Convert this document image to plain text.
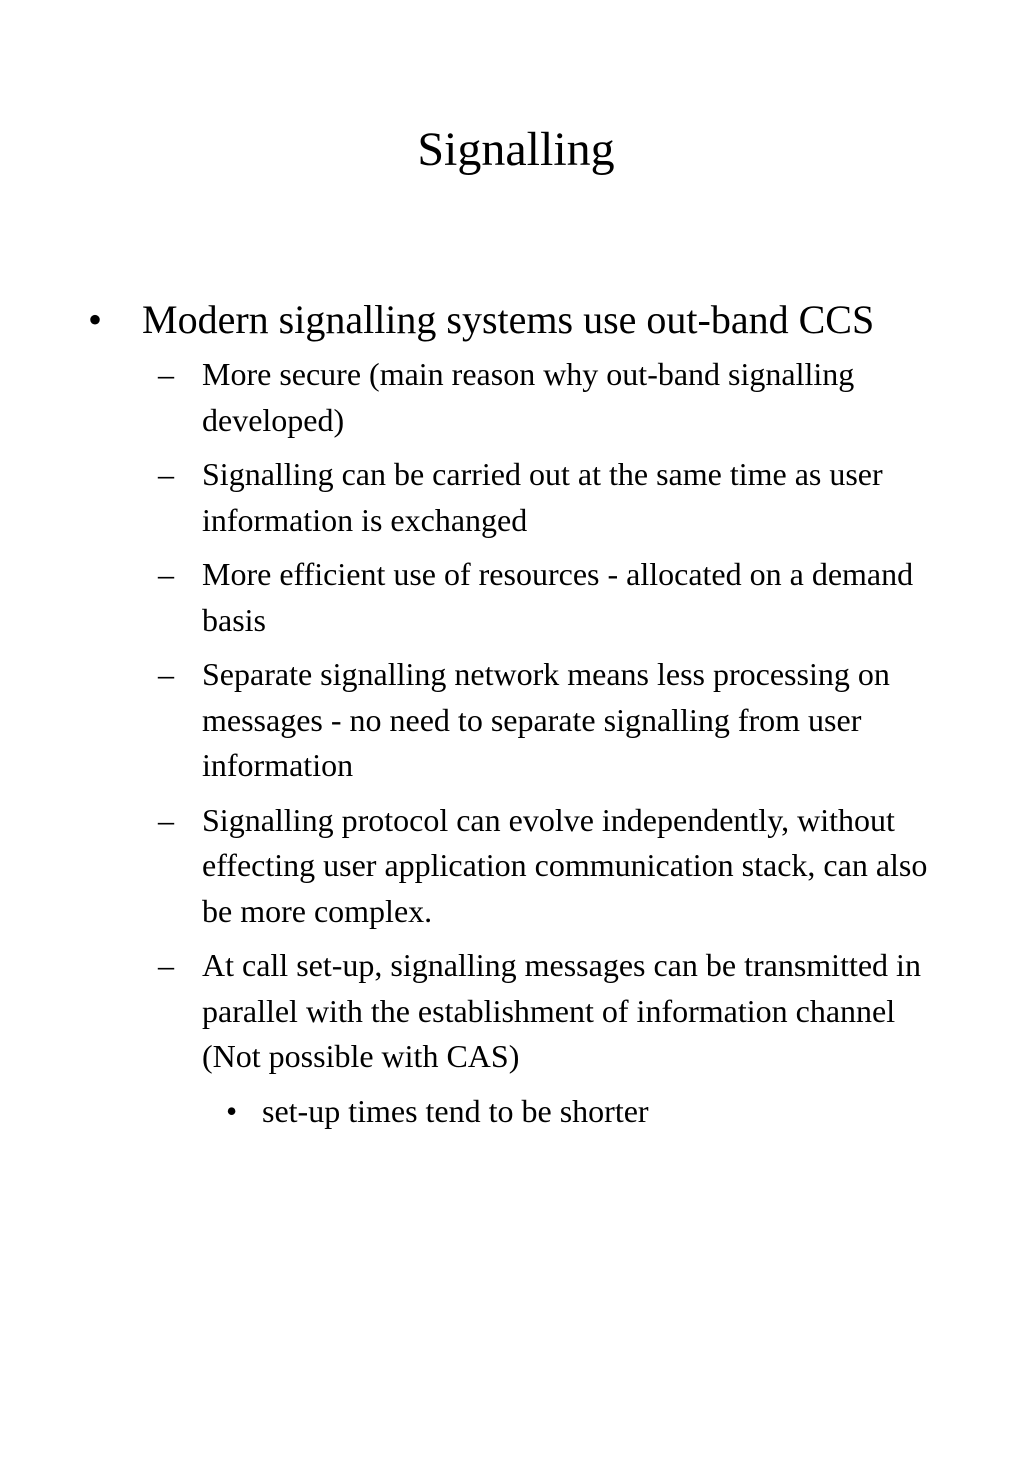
Signalling
• Modern signalling systems use out-band CCS
– More secure (main reason why out-band signalling developed)
– Signalling can be carried out at the same time as user information is exchanged
– More efficient use of resources - allocated on a demand basis
– Separate signalling network means less processing on messages - no need to separate signalling from user information
– Signalling protocol can evolve independently, without effecting user application communication stack, can also be more complex.
– At call set-up, signalling messages can be transmitted in parallel with the establishment of information channel (Not possible with CAS)
• set-up times tend to be shorter
